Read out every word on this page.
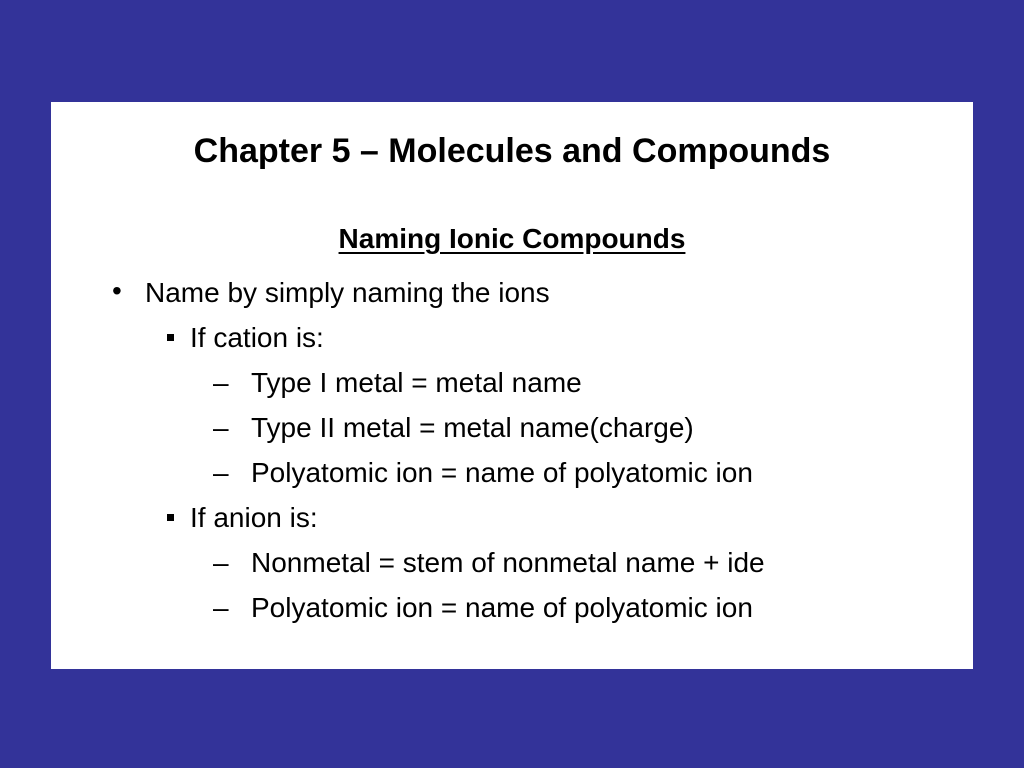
Chapter 5 – Molecules and Compounds
Naming Ionic Compounds
• Name by simply naming the ions
If cation is:
– Type I metal = metal name
– Type II metal = metal name(charge)
– Polyatomic ion = name of polyatomic ion
If anion is:
– Nonmetal = stem of nonmetal name + ide
– Polyatomic ion = name of polyatomic ion
